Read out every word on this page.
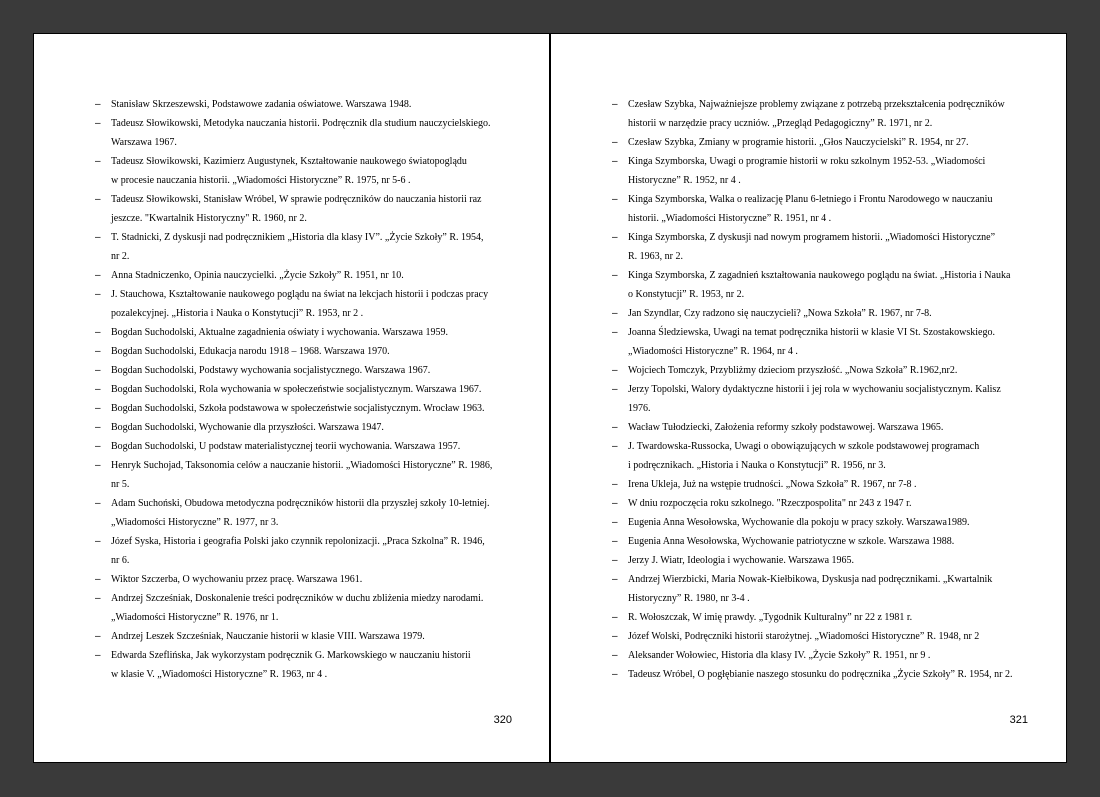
– Stanisław Skrzeszewski, Podstawowe zadania oświatowe. Warszawa 1948.
– Tadeusz Słowikowski, Metodyka nauczania historii. Podręcznik dla studium nauczycielskiego.
Warszawa 1967.
– Tadeusz Słowikowski, Kazimierz Augustynek, Kształtowanie naukowego światopoglądu
w procesie nauczania historii. „Wiadomości Historyczne” R. 1975, nr 5-6 .
– Tadeusz Słowikowski, Stanisław Wróbel, W sprawie podręczników do nauczania historii raz
jeszcze. "Kwartalnik Historyczny" R. 1960, nr 2.
– T. Stadnicki, Z dyskusji nad podręcznikiem „Historia dla klasy IV”. „Życie Szkoły” R. 1954,
nr 2.
– Anna Stadniczenko, Opinia nauczycielki. „Życie Szkoły” R. 1951, nr 10.
– J. Stauchowa, Kształtowanie naukowego poglądu na świat na lekcjach historii i podczas pracy
pozalekcyjnej. „Historia i Nauka o Konstytucji” R. 1953, nr 2 .
– Bogdan Suchodolski, Aktualne zagadnienia oświaty i wychowania. Warszawa 1959.
– Bogdan Suchodolski, Edukacja narodu 1918 – 1968. Warszawa 1970.
– Bogdan Suchodolski, Podstawy wychowania socjalistycznego. Warszawa 1967.
– Bogdan Suchodolski, Rola wychowania w społeczeństwie socjalistycznym. Warszawa 1967.
– Bogdan Suchodolski, Szkoła podstawowa w społeczeństwie socjalistycznym. Wrocław 1963.
– Bogdan Suchodolski, Wychowanie dla przyszłości. Warszawa 1947.
– Bogdan Suchodolski, U podstaw materialistycznej teorii wychowania. Warszawa 1957.
– Henryk Suchojad, Taksonomia celów a nauczanie historii. „Wiadomości Historyczne” R. 1986,
nr 5.
– Adam Suchoński, Obudowa metodyczna podręczników historii dla przyszłej szkoły 10-letniej.
„Wiadomości Historyczne” R. 1977, nr 3.
– Józef Syska, Historia i geografia Polski jako czynnik repolonizacji. „Praca Szkolna” R. 1946,
nr 6.
– Wiktor Szczerba, O wychowaniu przez pracę. Warszawa 1961.
– Andrzej Szcześniak, Doskonalenie treści podręczników w duchu zbliżenia miedzy narodami.
„Wiadomości Historyczne” R. 1976, nr 1.
– Andrzej Leszek Szcześniak, Nauczanie historii w klasie VIII. Warszawa 1979.
– Edwarda Szeflińska, Jak wykorzystam podręcznik G. Markowskiego w nauczaniu historii
w klasie V. „Wiadomości Historyczne” R. 1963, nr 4 .
320
– Czesław Szybka, Najważniejsze problemy związane z potrzebą przekształcenia podręczników
historii w narzędzie pracy uczniów. „Przegląd Pedagogiczny” R. 1971, nr 2.
– Czesław Szybka, Zmiany w programie historii. „Głos Nauczycielski” R. 1954, nr 27.
– Kinga Szymborska, Uwagi o programie historii w roku szkolnym 1952-53. „Wiadomości
Historyczne” R. 1952, nr 4 .
– Kinga Szymborska, Walka o realizację Planu 6-letniego i Frontu Narodowego w nauczaniu
historii. „Wiadomości Historyczne” R. 1951, nr 4 .
– Kinga Szymborska, Z dyskusji nad nowym programem historii. „Wiadomości Historyczne”
R. 1963, nr 2.
– Kinga Szymborska, Z zagadnień kształtowania naukowego poglądu na świat. „Historia i Nauka
o Konstytucji” R. 1953, nr 2.
– Jan Szyndlar, Czy radzono się nauczycieli? „Nowa Szkoła” R. 1967, nr 7-8.
– Joanna Śledziewska, Uwagi na temat podręcznika historii w klasie VI St. Szostakowskiego.
„Wiadomości Historyczne” R. 1964, nr 4 .
– Wojciech Tomczyk, Przybliżmy dzieciom przyszłość. „Nowa Szkoła” R.1962,nr2.
– Jerzy Topolski, Walory dydaktyczne historii i jej rola w wychowaniu socjalistycznym. Kalisz
1976.
– Wacław Tułodziecki, Założenia reformy szkoły podstawowej. Warszawa 1965.
– J. Twardowska-Russocka, Uwagi o obowiązujących w szkole podstawowej programach
i podręcznikach. „Historia i Nauka o Konstytucji” R. 1956, nr 3.
– Irena Ukleja, Już na wstępie trudności. „Nowa Szkoła” R. 1967, nr 7-8 .
– W dniu rozpoczęcia roku szkolnego. "Rzeczpospolita" nr 243 z 1947 r.
– Eugenia Anna Wesołowska, Wychowanie dla pokoju w pracy szkoły. Warszawa1989.
– Eugenia Anna Wesołowska, Wychowanie patriotyczne w szkole. Warszawa 1988.
– Jerzy J. Wiatr, Ideologia i wychowanie. Warszawa 1965.
– Andrzej Wierzbicki, Maria Nowak-Kiełbikowa, Dyskusja nad podręcznikami. „Kwartalnik
Historyczny” R. 1980, nr 3-4 .
– R. Wołoszczak, W imię prawdy. „Tygodnik Kulturalny” nr 22 z 1981 r.
– Józef Wolski, Podręczniki historii starożytnej. „Wiadomości Historyczne” R. 1948, nr 2
– Aleksander Wołowiec, Historia dla klasy IV. „Życie Szkoły” R. 1951, nr 9 .
– Tadeusz Wróbel, O pogłębianie naszego stosunku do podręcznika „Życie Szkoły” R. 1954, nr 2.
321
